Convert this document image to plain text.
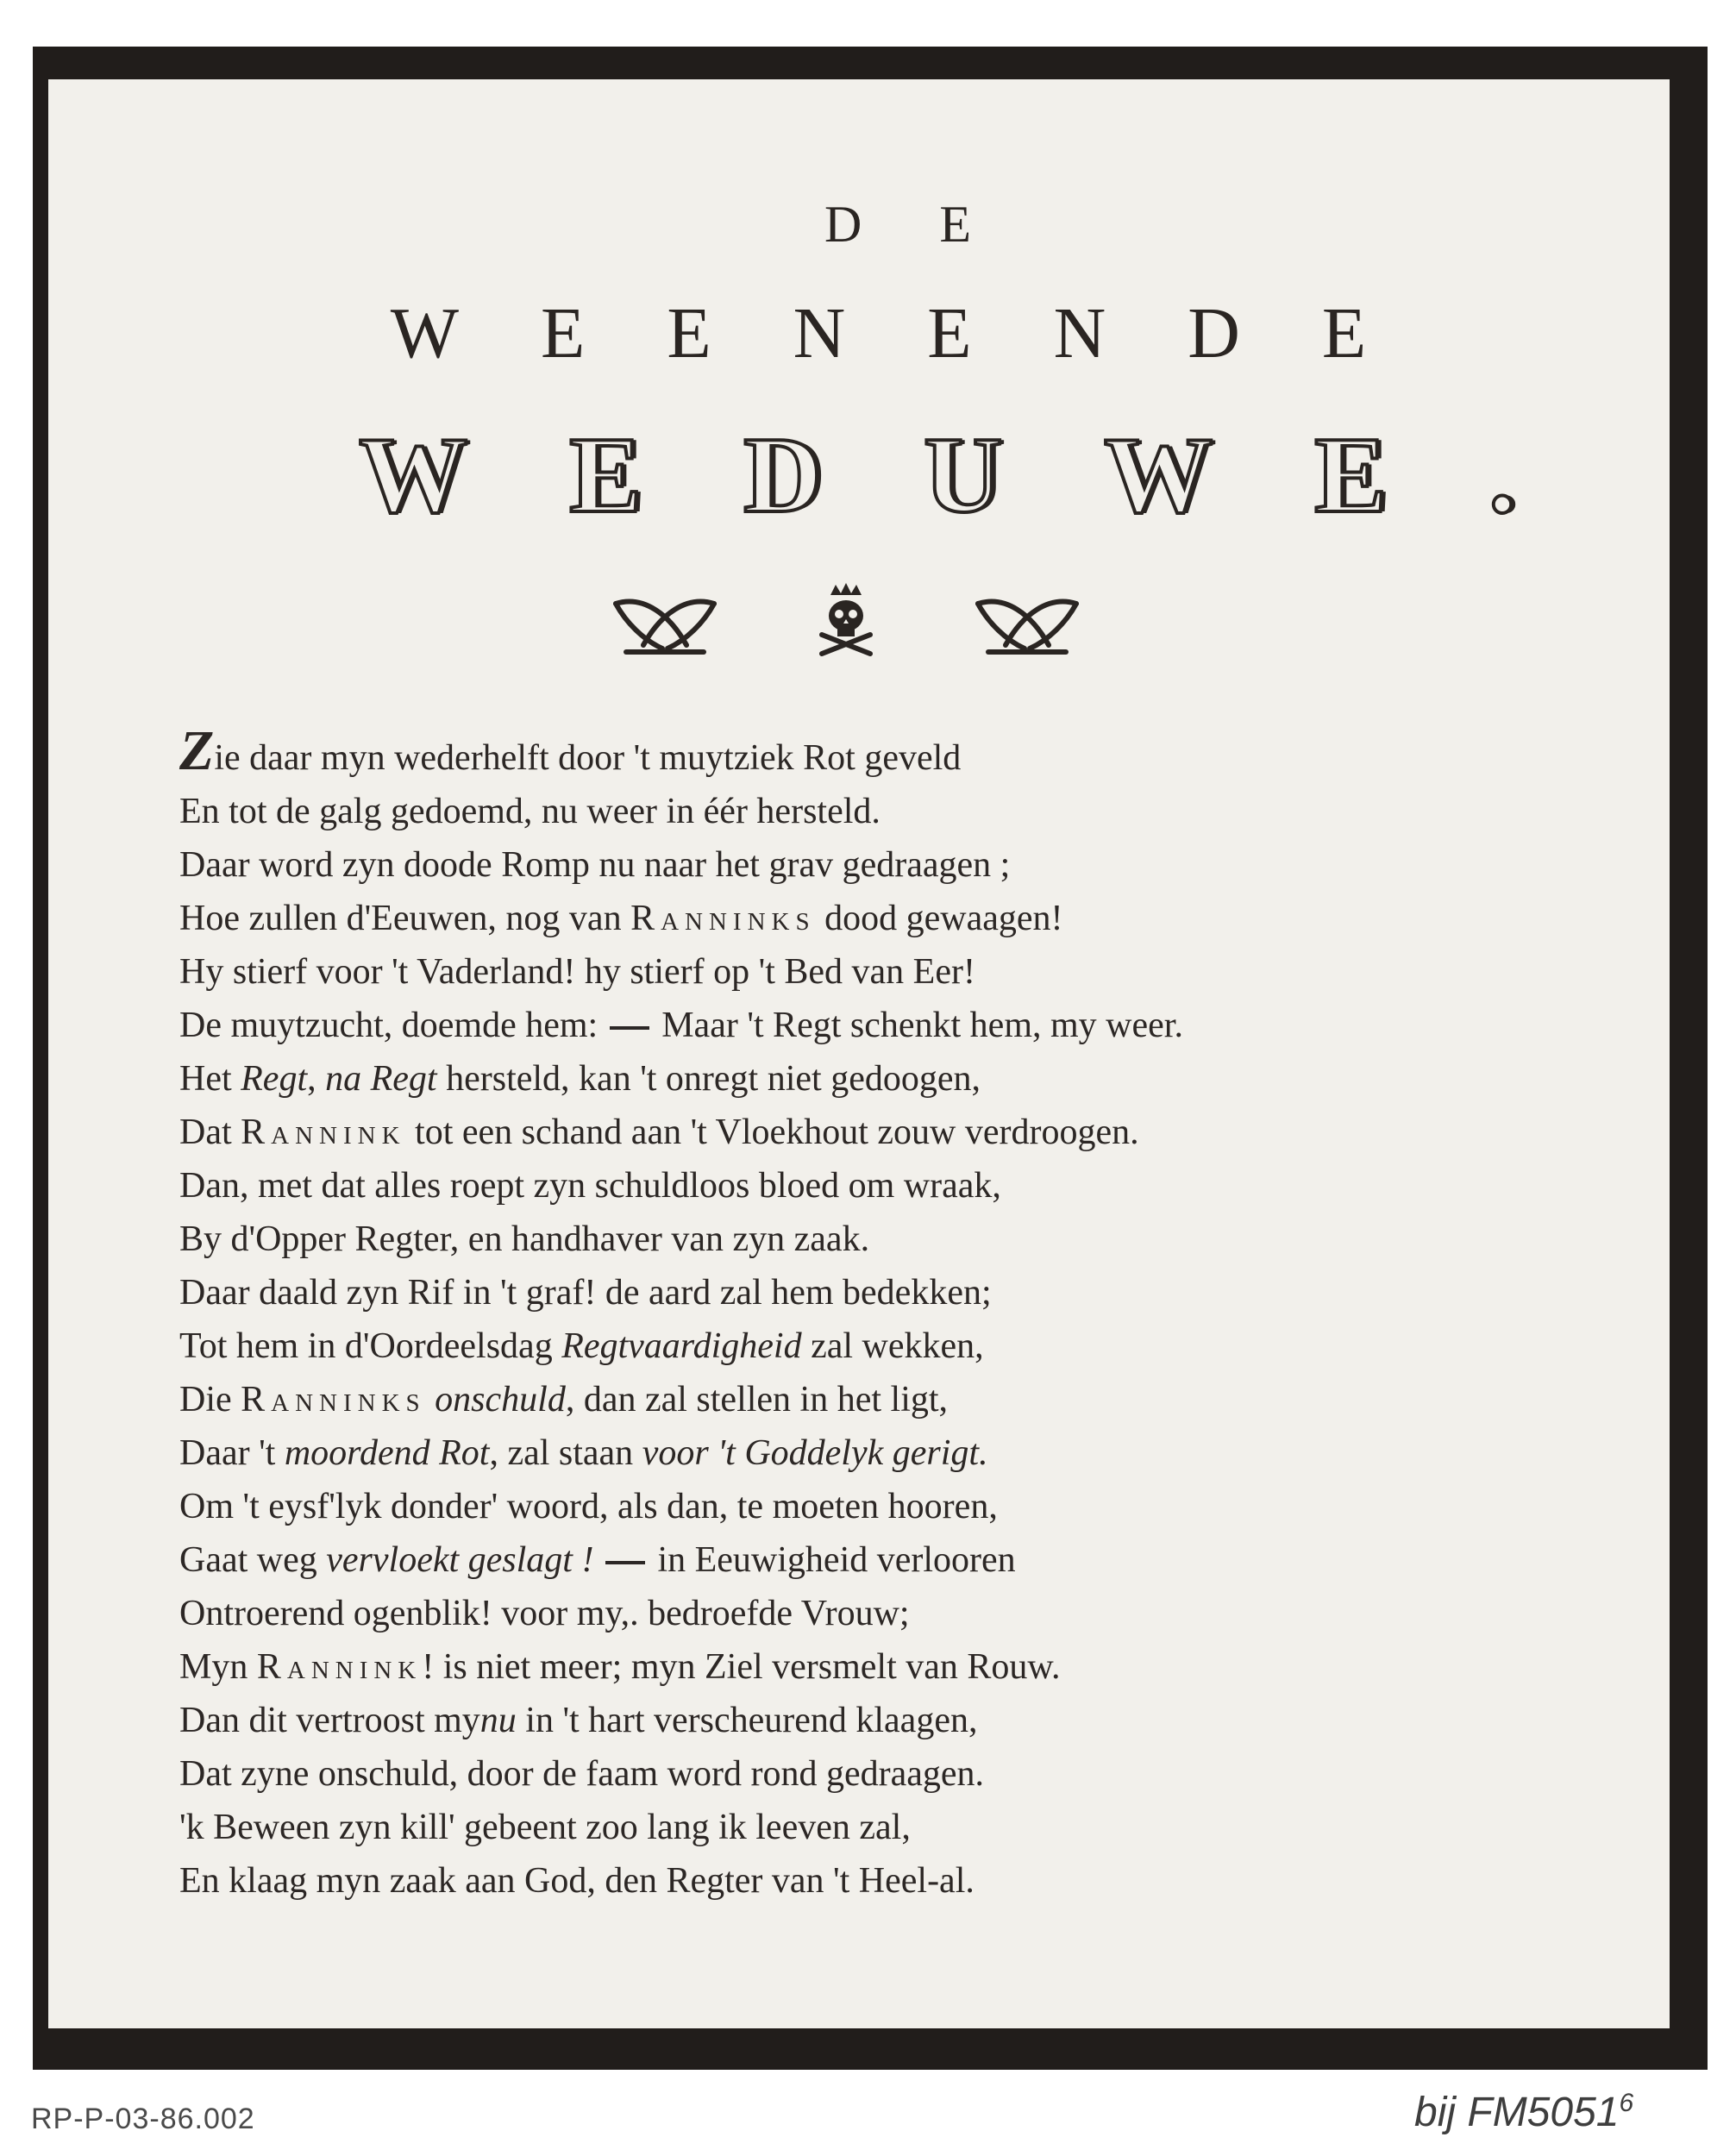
DE
WEENENDE
WEDUWE.
Zie daar myn wederhelft door 't muytziek Rot geveld
En tot de galg gedoemd, nu weer in éér hersteld.
Daar word zyn doode Romp nu naar het grav gedraagen ;
Hoe zullen d'Eeuwen, nog van Ranninks dood gewaagen!
Hy stierf voor 't Vaderland! hy stierf op 't Bed van Eer!
De muytzucht, doemde hem: Maar 't Regt schenkt hem, my weer.
Het Regt, na Regt hersteld, kan 't onregt niet gedoogen,
Dat Rannink tot een schand aan 't Vloekhout zouw verdroogen.
Dan, met dat alles roept zyn schuldloos bloed om wraak,
By d'Opper Regter, en handhaver van zyn zaak.
Daar daald zyn Rif in 't graf! de aard zal hem bedekken;
Tot hem in d'Oordeelsdag Regtvaardigheid zal wekken,
Die Ranninks onschuld, dan zal stellen in het ligt,
Daar 't moordend Rot, zal staan voor 't Goddelyk gerigt.
Om 't eysf'lyk donder' woord, als dan, te moeten hooren,
Gaat weg vervloekt geslagt ! in Eeuwigheid verlooren
Ontroerend ogenblik! voor my,. bedroefde Vrouw;
Myn Rannink! is niet meer; myn Ziel versmelt van Rouw.
Dan dit vertroost mynu in 't hart verscheurend klaagen,
Dat zyne onschuld, door de faam word rond gedraagen.
'k Beween zyn kill' gebeent zoo lang ik leeven zal,
En klaag myn zaak aan God, den Regter van 't Heel-al.
RP-P-03-86.002	bij FM5051$^6$
